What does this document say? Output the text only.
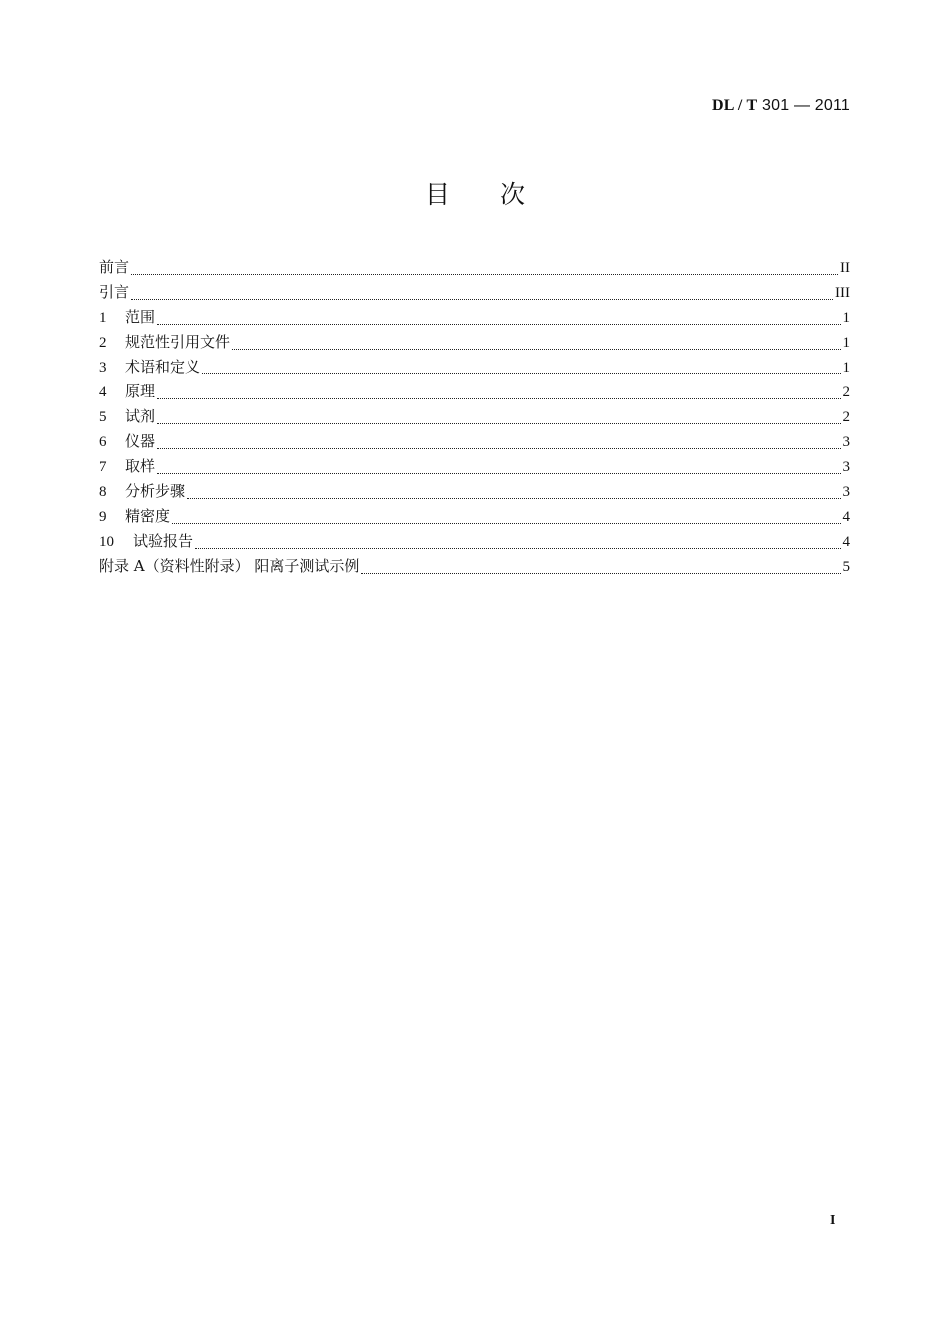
DL / T 301 — 2011
目次
前言	II
引言	III
1 范围	1
2 规范性引用文件	1
3 术语和定义	1
4 原理	2
5 试剂	2
6 仪器	3
7 取样	3
8 分析步骤	3
9 精密度	4
10 试验报告	4
附录 A（资料性附录） 阳离子测试示例	5
I
